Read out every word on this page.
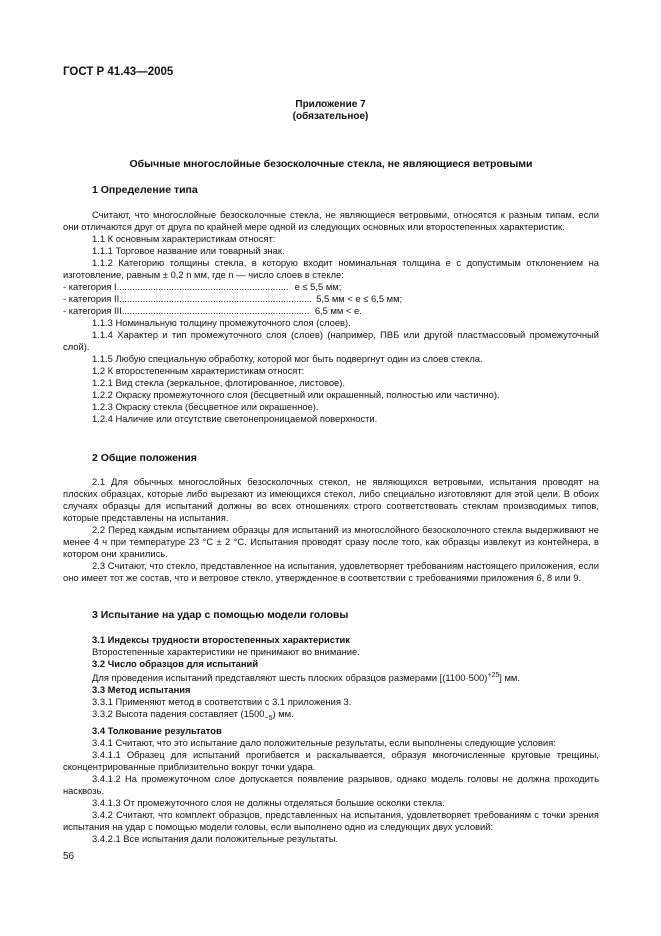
ГОСТ Р 41.43—2005
Приложение 7
(обязательное)
Обычные многослойные безосколочные стекла, не являющиеся ветровыми
1 Определение типа

Считают, что многослойные безосколочные стекла, не являющиеся ветровыми, относятся к разным типам, если они отличаются друг от друга по крайней мере одной из следующих основных или второстепенных характеристик.

1.1 К основным характеристикам относят:

1.1.1 Торговое название или товарный знак.

1.1.2 Категорию толщины стекла, в которую входит номинальная толщина e с допустимым отклонением на изготовление, равным ± 0,2 n мм, где n — число слоев в стекле:

- категория I.................................................................. e ≤ 5,5 мм;

- категория II.......................................................................... 5,5 мм < e ≤ 6,5 мм;

- категория III........................................................................ 6,5 мм < e.

1.1.3 Номинальную толщину промежуточного слоя (слоев).

1.1.4 Характер и тип промежуточного слоя (слоев) (например, ПВБ или другой пластмассовый промежуточный слой).

1.1.5 Любую специальную обработку, которой мог быть подвергнут один из слоев стекла.

1.2 К второстепенным характеристикам относят:

1.2.1 Вид стекла (зеркальное, флотированное, листовое).

1.2.2 Окраску промежуточного слоя (бесцветный или окрашенный, полностью или частично).

1.2.3 Окраску стекла (бесцветное или окрашенное).

1.2.4 Наличие или отсутствие светонепроницаемой поверхности.

2 Общие положения

2.1 Для обычных многослойных безосколочных стекол, не являющихся ветровыми, испытания проводят на плоских образцах, которые либо вырезают из имеющихся стекол, либо специально изготовляют для этой цели. В обоих случаях образцы для испытаний должны во всех отношениях строго соответствовать стеклам производимых типов, которые представлены на испытания.

2.2 Перед каждым испытанием образцы для испытаний из многослойного безосколочного стекла выдерживают не менее 4 ч при температуре 23 °С ± 2 °С. Испытания проводят сразу после того, как образцы извлекут из контейнера, в котором они хранились.

2.3 Считают, что стекло, представленное на испытания, удовлетворяет требованиям настоящего приложения, если оно имеет тот же состав, что и ветровое стекло, утвержденное в соответствии с требованиями приложения 6, 8 или 9.

3 Испытание на удар с помощью модели головы

3.1 Индексы трудности второстепенных характеристик

Второстепенные характеристики не принимают во внимание.

3.2 Число образцов для испытаний

Для проведения испытаний представляют шесть плоских образцов размерами $[(1100\cdot 500)^{+25}]$ мм.

3.3 Метод испытания

3.3.1 Применяют метод в соответствии с 3.1 приложения 3.

3.3.2 Высота падения составляет $(1500_{-5})$ мм.

3.4 Толкование результатов

3.4.1 Считают, что это испытание дало положительные результаты, если выполнены следующие условия:

3.4.1.1 Образец для испытаний прогибается и раскалывается, образуя многочисленные круговые трещины, сконцентрированные приблизительно вокруг точки удара.

3.4.1.2 На промежуточном слое допускается появление разрывов, однако модель головы не должна проходить насквозь.

3.4.1.3 От промежуточного слоя не должны отделяться большие осколки стекла.

3.4.2 Считают, что комплект образцов, представленных на испытания, удовлетворяет требованиям с точки зрения испытания на удар с помощью модели головы, если выполнено одно из следующих двух условий:

3.4.2.1 Все испытания дали положительные результаты.

56
